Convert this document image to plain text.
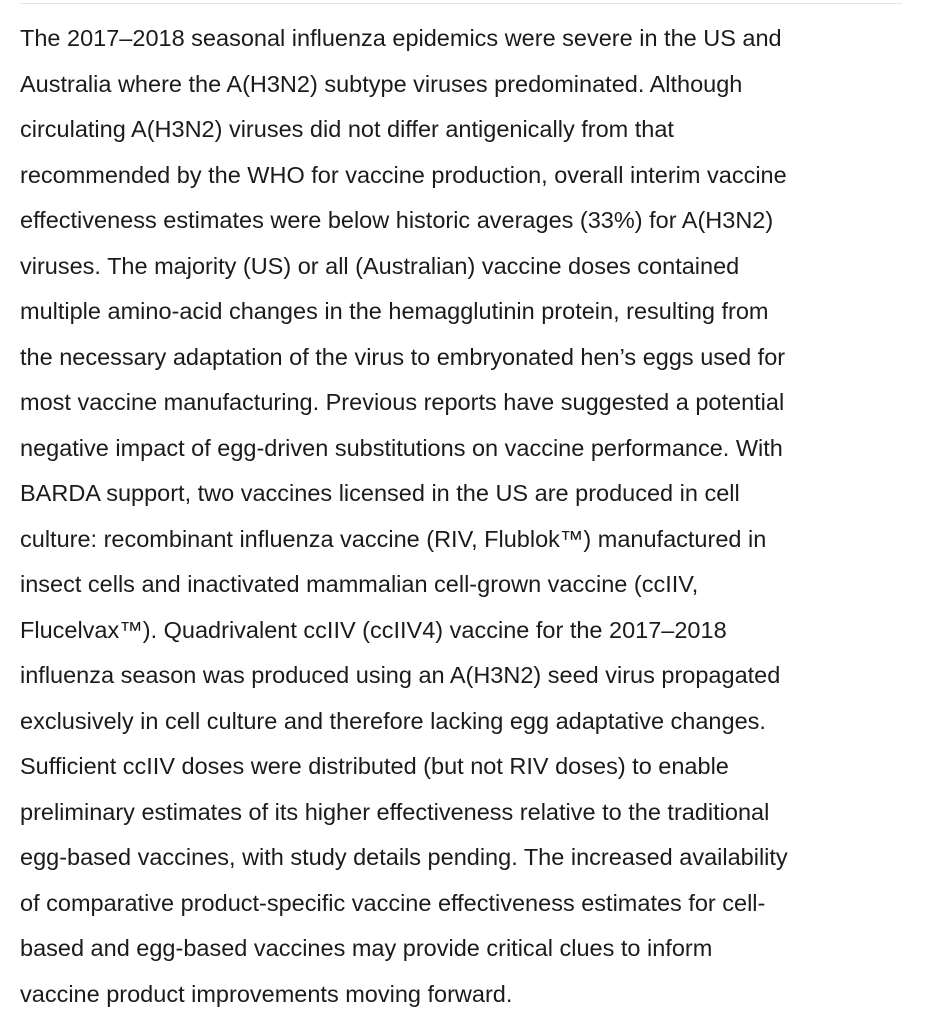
The 2017–2018 seasonal influenza epidemics were severe in the US and
Australia where the A(H3N2) subtype viruses predominated. Although
circulating A(H3N2) viruses did not differ antigenically from that
recommended by the WHO for vaccine production, overall interim vaccine
effectiveness estimates were below historic averages (33%) for A(H3N2)
viruses. The majority (US) or all (Australian) vaccine doses contained
multiple amino-acid changes in the hemagglutinin protein, resulting from
the necessary adaptation of the virus to embryonated hen’s eggs used for
most vaccine manufacturing. Previous reports have suggested a potential
negative impact of egg-driven substitutions on vaccine performance. With
BARDA support, two vaccines licensed in the US are produced in cell
culture: recombinant influenza vaccine (RIV, Flublok™) manufactured in
insect cells and inactivated mammalian cell-grown vaccine (ccIIV,
Flucelvax™). Quadrivalent ccIIV (ccIIV4) vaccine for the 2017–2018
influenza season was produced using an A(H3N2) seed virus propagated
exclusively in cell culture and therefore lacking egg adaptative changes.
Sufficient ccIIV doses were distributed (but not RIV doses) to enable
preliminary estimates of its higher effectiveness relative to the traditional
egg-based vaccines, with study details pending. The increased availability
of comparative product-specific vaccine effectiveness estimates for cell-
based and egg-based vaccines may provide critical clues to inform
vaccine product improvements moving forward.
